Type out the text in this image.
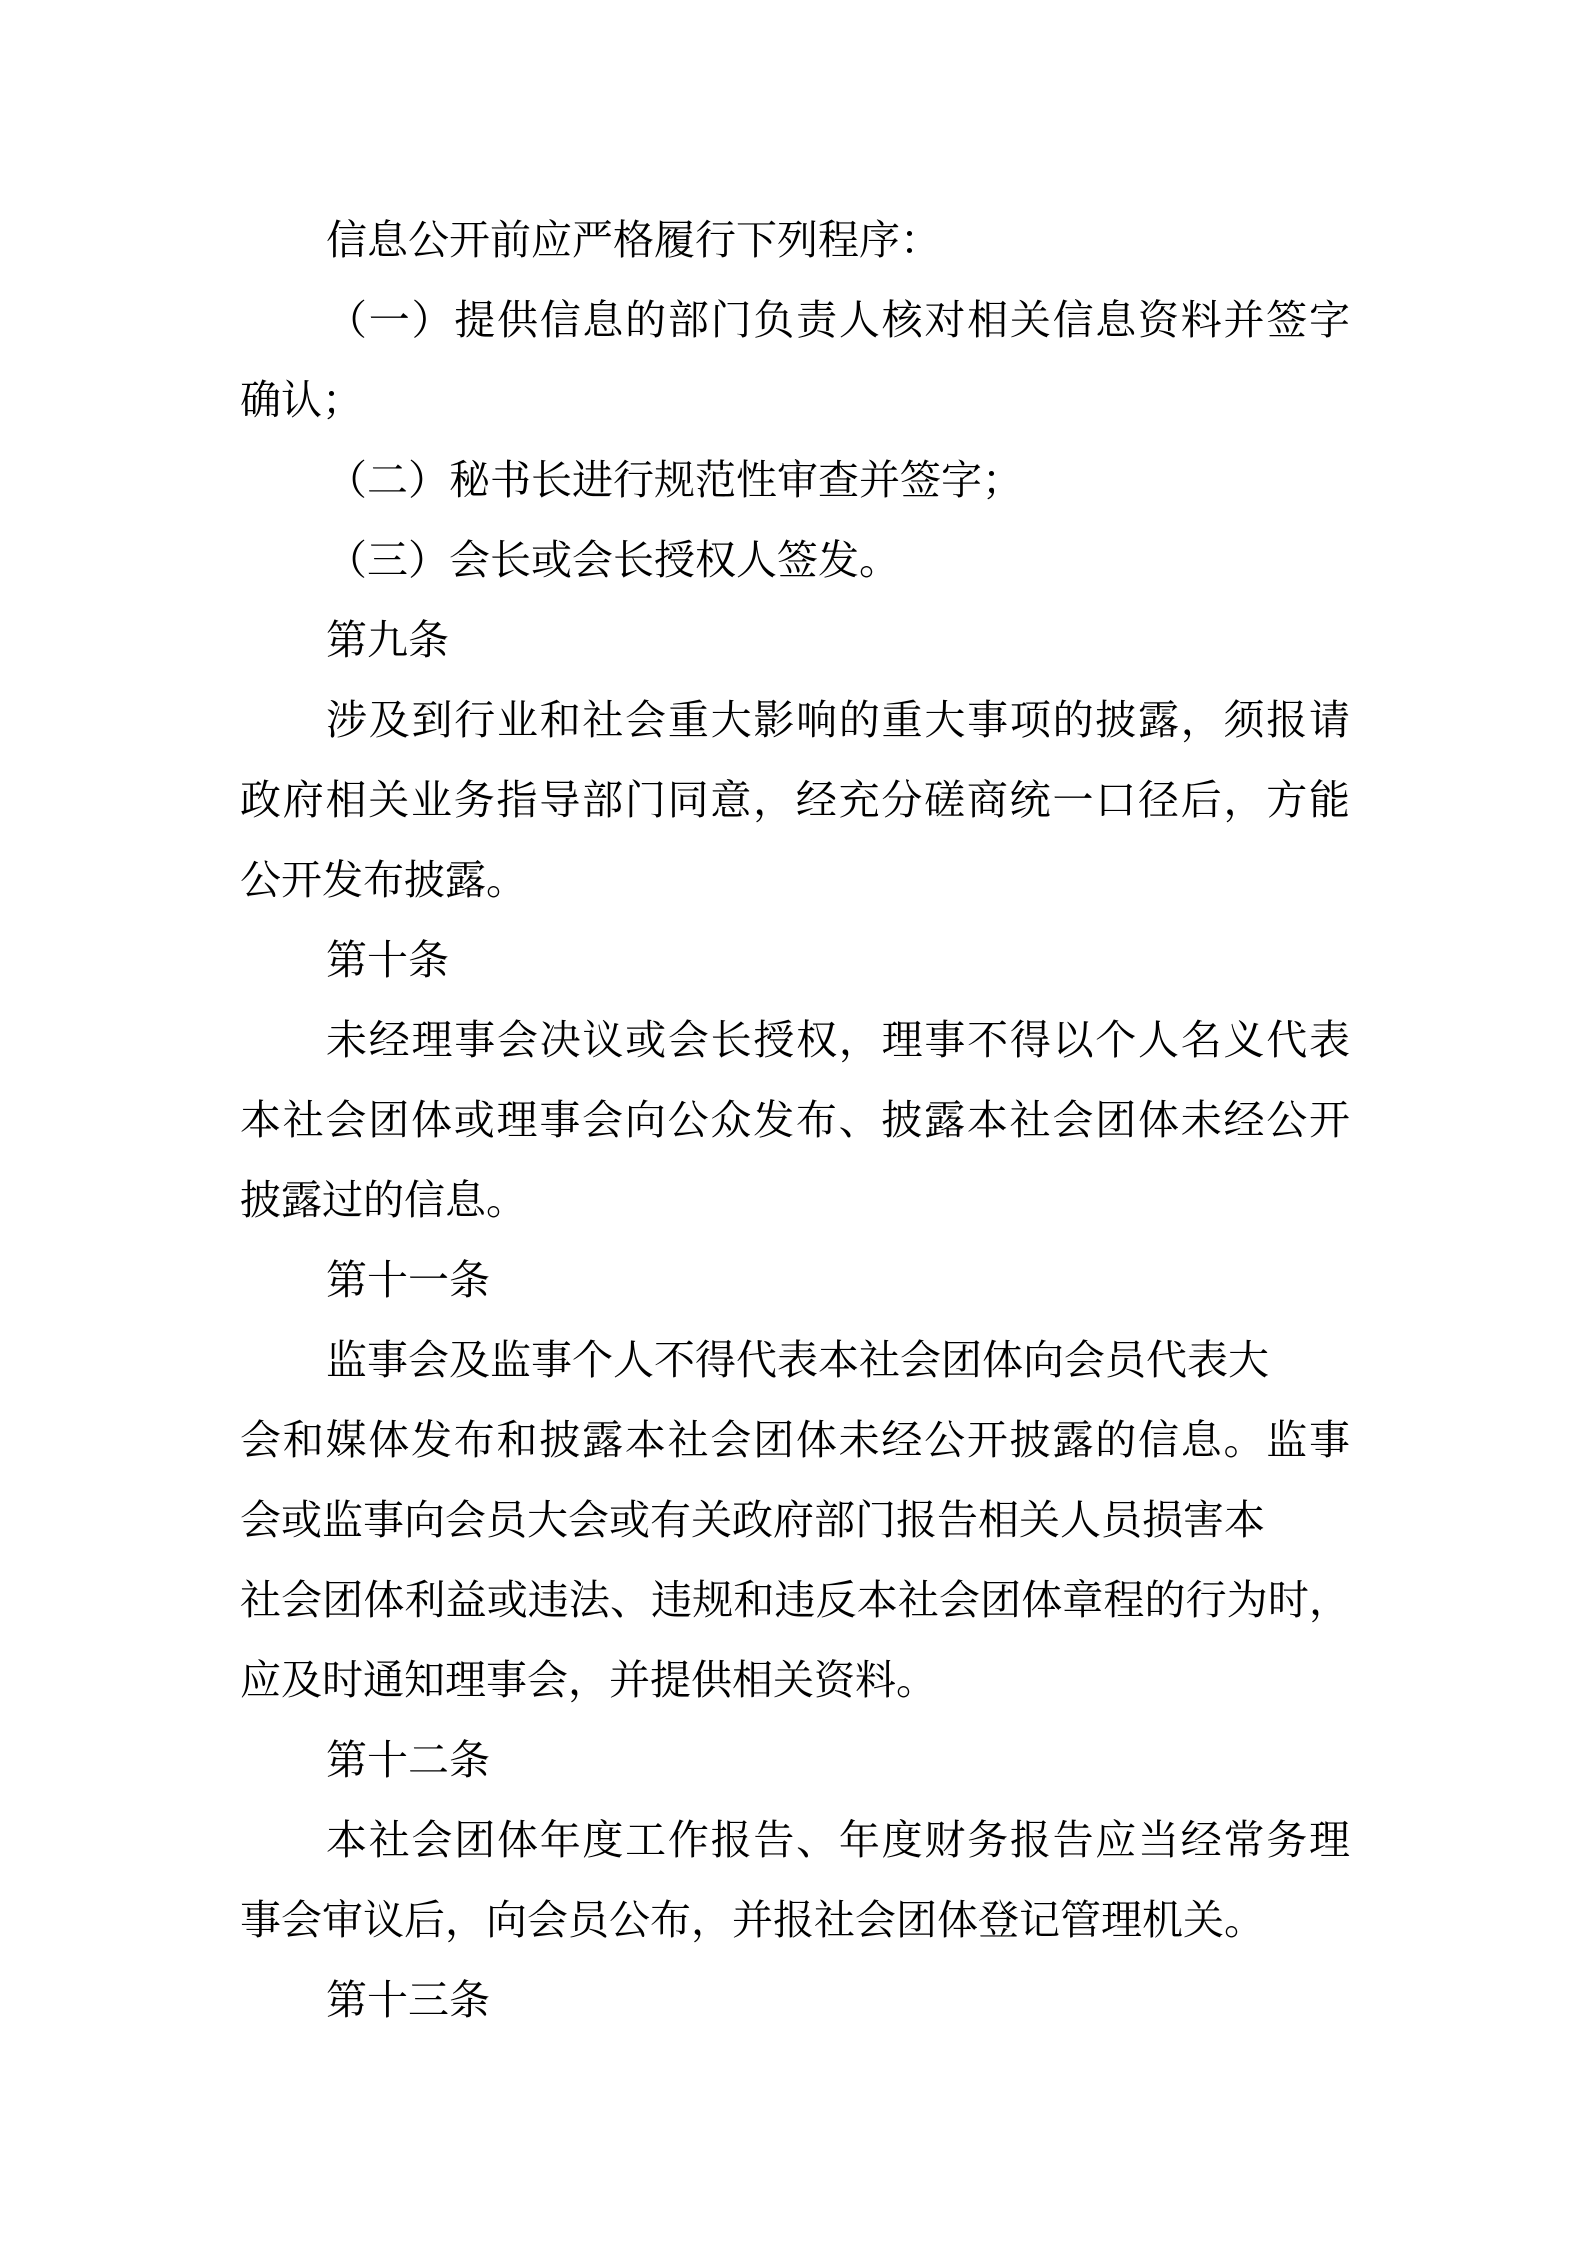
信息公开前应严格履行下列程序：
（一）提供信息的部门负责人核对相关信息资料并签字
确认；
（二）秘书长进行规范性审查并签字；
（三）会长或会长授权人签发。
第九条
涉及到行业和社会重大影响的重大事项的披露，须报请
政府相关业务指导部门同意，经充分磋商统一口径后，方能
公开发布披露。
第十条
未经理事会决议或会长授权，理事不得以个人名义代表
本社会团体或理事会向公众发布、披露本社会团体未经公开
披露过的信息。
第十一条
监事会及监事个人不得代表本社会团体向会员代表大
会和媒体发布和披露本社会团体未经公开披露的信息。监事
会或监事向会员大会或有关政府部门报告相关人员损害本
社会团体利益或违法、违规和违反本社会团体章程的行为时，
应及时通知理事会，并提供相关资料。
第十二条
本社会团体年度工作报告、年度财务报告应当经常务理
事会审议后，向会员公布，并报社会团体登记管理机关。
第十三条
